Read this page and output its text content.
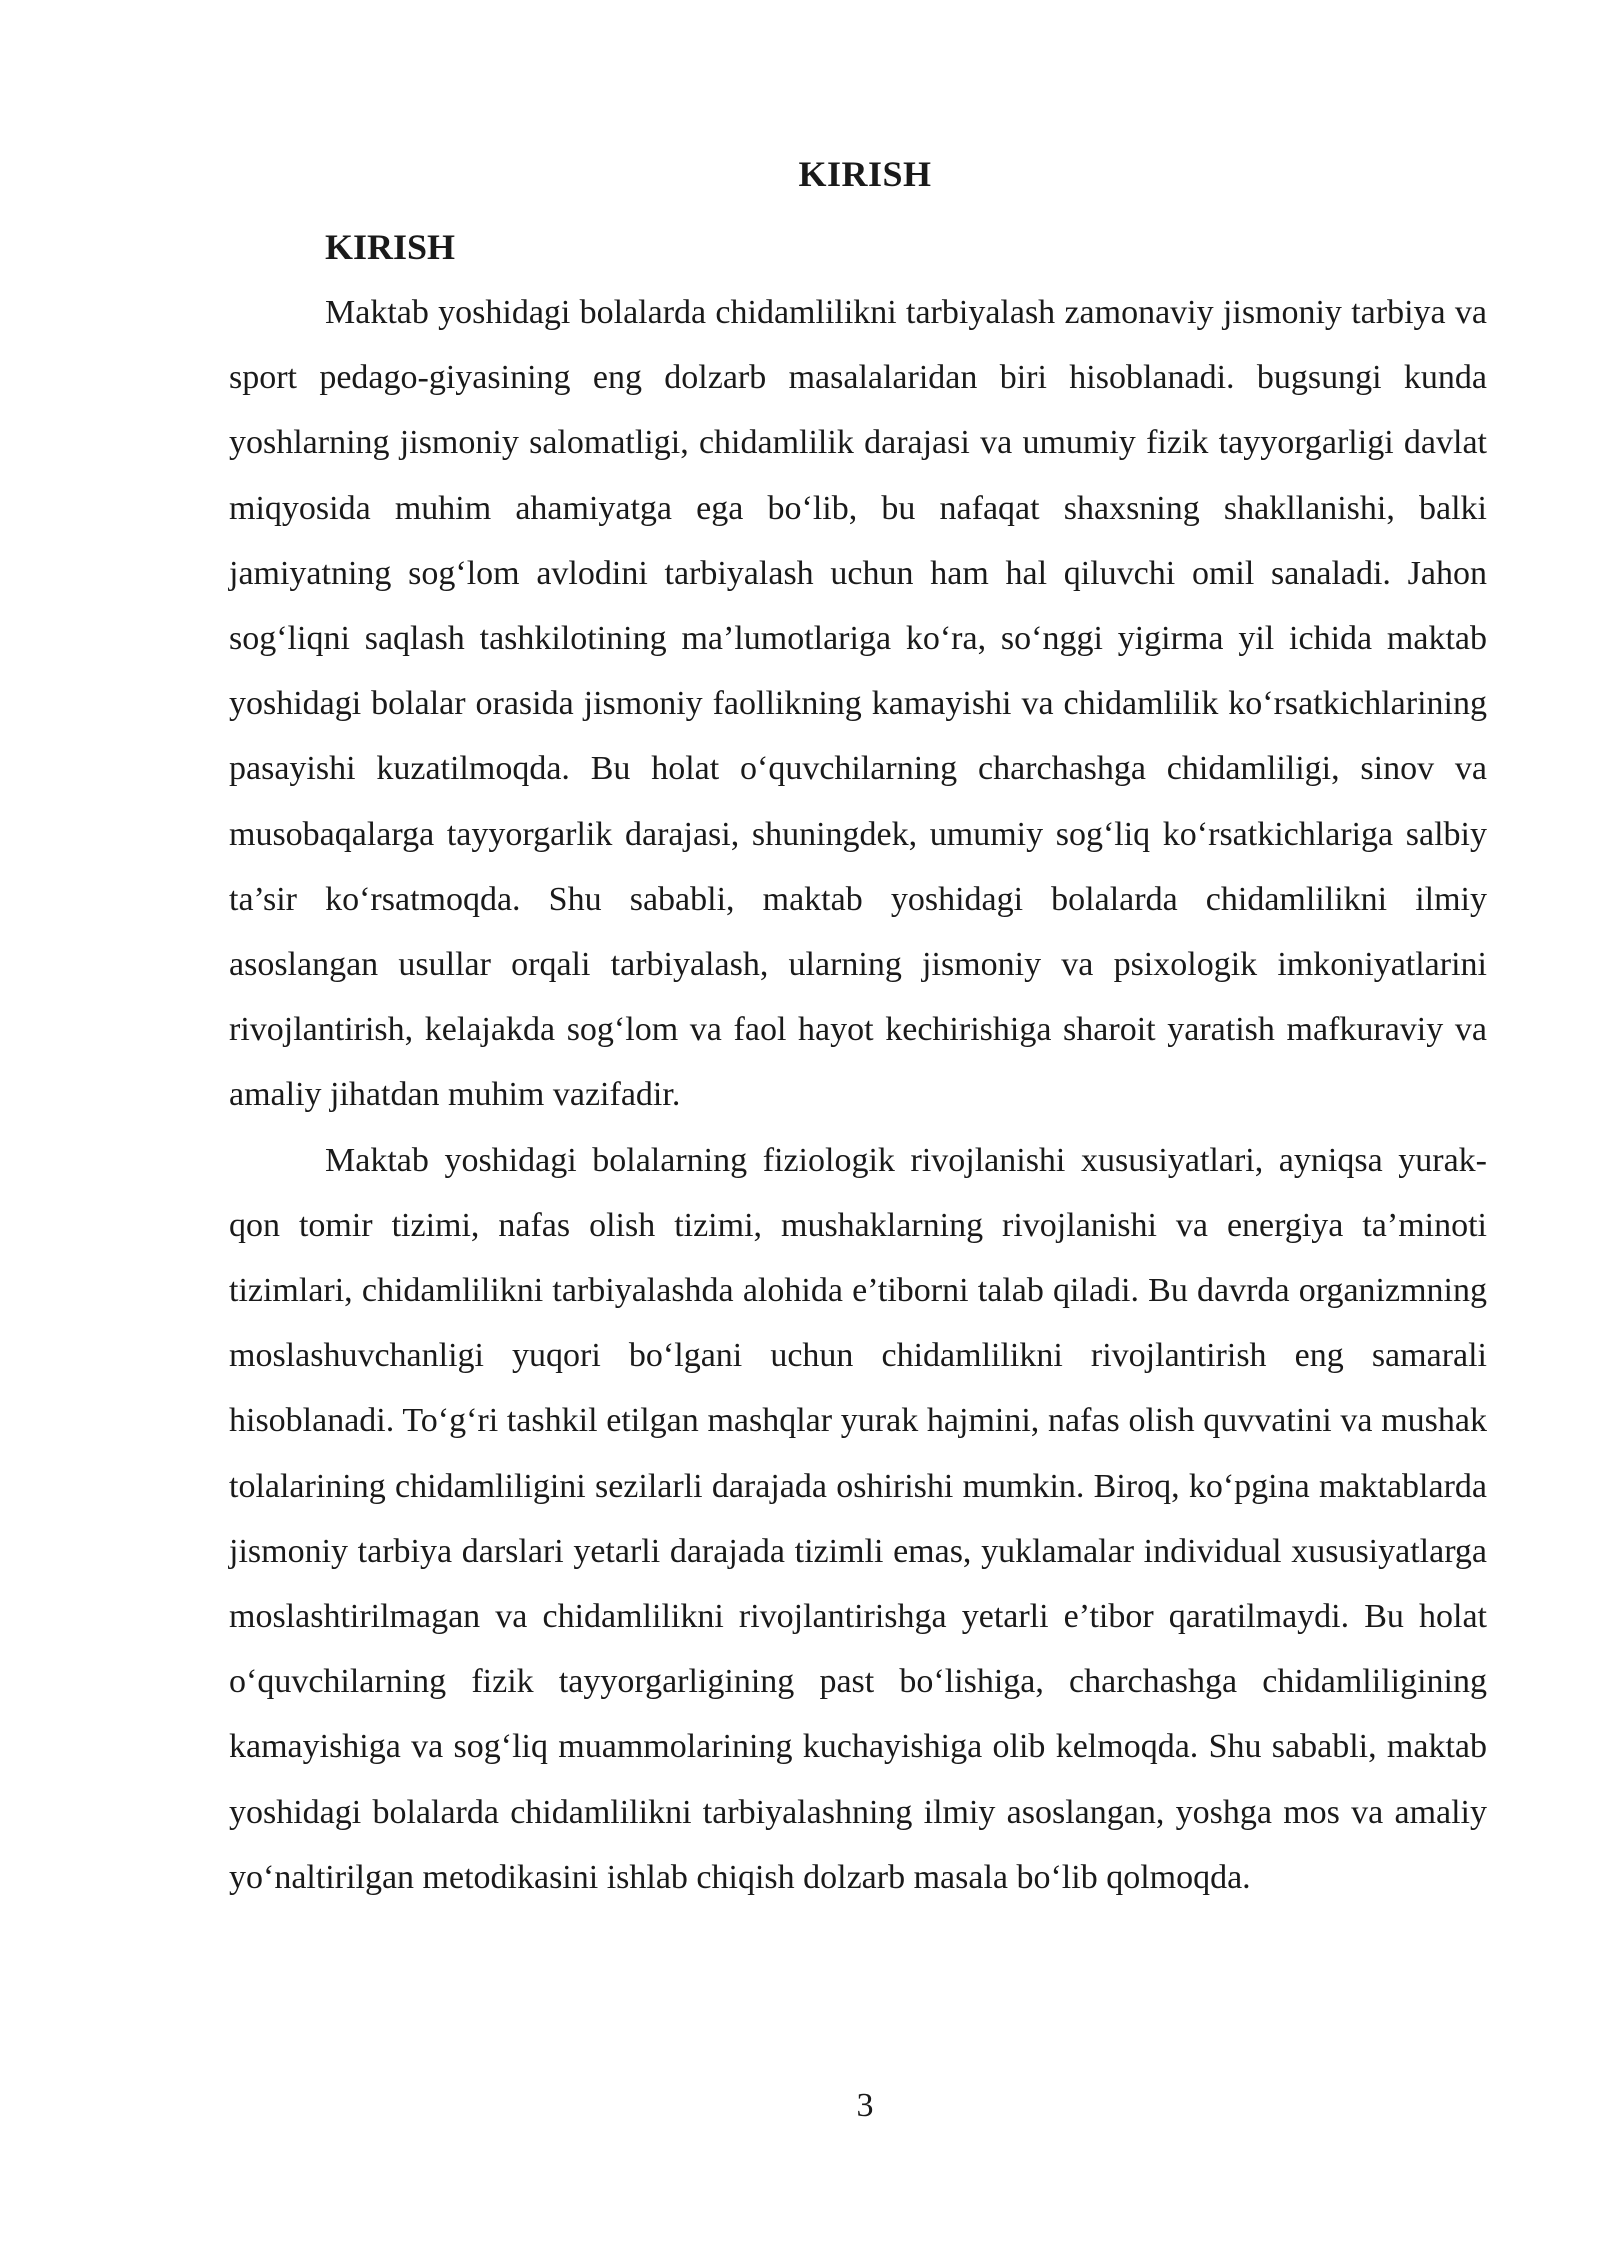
KIRISH

KIRISH

Maktab yoshidagi bolalarda chidamlilikni tarbiyalash zamonaviy jismoniy tarbiya va sport pedago-giyasining eng dolzarb masalalaridan biri hisoblanadi. bugsungi kunda yoshlarning jismoniy salomatligi, chidamlilik darajasi va umumiy fizik tayyorgarligi davlat miqyosida muhim ahamiyatga ega bo‘lib, bu nafaqat shaxsning shakllanishi, balki jamiyatning sog‘lom avlodini tarbiyalash uchun ham hal qiluvchi omil sanaladi. Jahon sog‘liqni saqlash tashkilotining ma’lumotlariga ko‘ra, so‘nggi yigirma yil ichida maktab yoshidagi bolalar orasida jismoniy faollikning kamayishi va chidamlilik ko‘rsatkichlarining pasayishi kuzatilmoqda. Bu holat o‘quvchilarning charchashga chidamliligi, sinov va musobaqalarga tayyorgarlik darajasi, shuningdek, umumiy sog‘liq ko‘rsatkichlariga salbiy ta’sir ko‘rsatmoqda. Shu sababli, maktab yoshidagi bolalarda chidamlilikni ilmiy asoslangan usullar orqali tarbiyalash, ularning jismoniy va psixologik imkoniyatlarini rivojlantirish, kelajakda sog‘lom va faol hayot kechirishiga sharoit yaratish mafkuraviy va amaliy jihatdan muhim vazifadir.

Maktab yoshidagi bolalarning fiziologik rivojlanishi xususiyatlari, ayniqsa yurak-qon tomir tizimi, nafas olish tizimi, mushaklarning rivojlanishi va energiya ta’minoti tizimlari, chidamlilikni tarbiyalashda alohida e’tiborni talab qiladi. Bu davrda organizmning moslashuvchanligi yuqori bo‘lgani uchun chidamlilikni rivojlantirish eng samarali hisoblanadi. To‘g‘ri tashkil etilgan mashqlar yurak hajmini, nafas olish quvvatini va mushak tolalarining chidamliligini sezilarli darajada oshirishi mumkin. Biroq, ko‘pgina maktablarda jismoniy tarbiya darslari yetarli darajada tizimli emas, yuklamalar individual xususiyatlarga moslashtirilmagan va chidamlilikni rivojlantirishga yetarli e’tibor qaratilmaydi. Bu holat o‘quvchilarning fizik tayyorgarligining past bo‘lishiga, charchashga chidamliligining kamayishiga va sog‘liq muammolarining kuchayishiga olib kelmoqda. Shu sababli, maktab yoshidagi bolalarda chidamlilikni tarbiyalashning ilmiy asoslangan, yoshga mos va amaliy yo‘naltirilgan metodikasini ishlab chiqish dolzarb masala bo‘lib qolmoqda.

3
